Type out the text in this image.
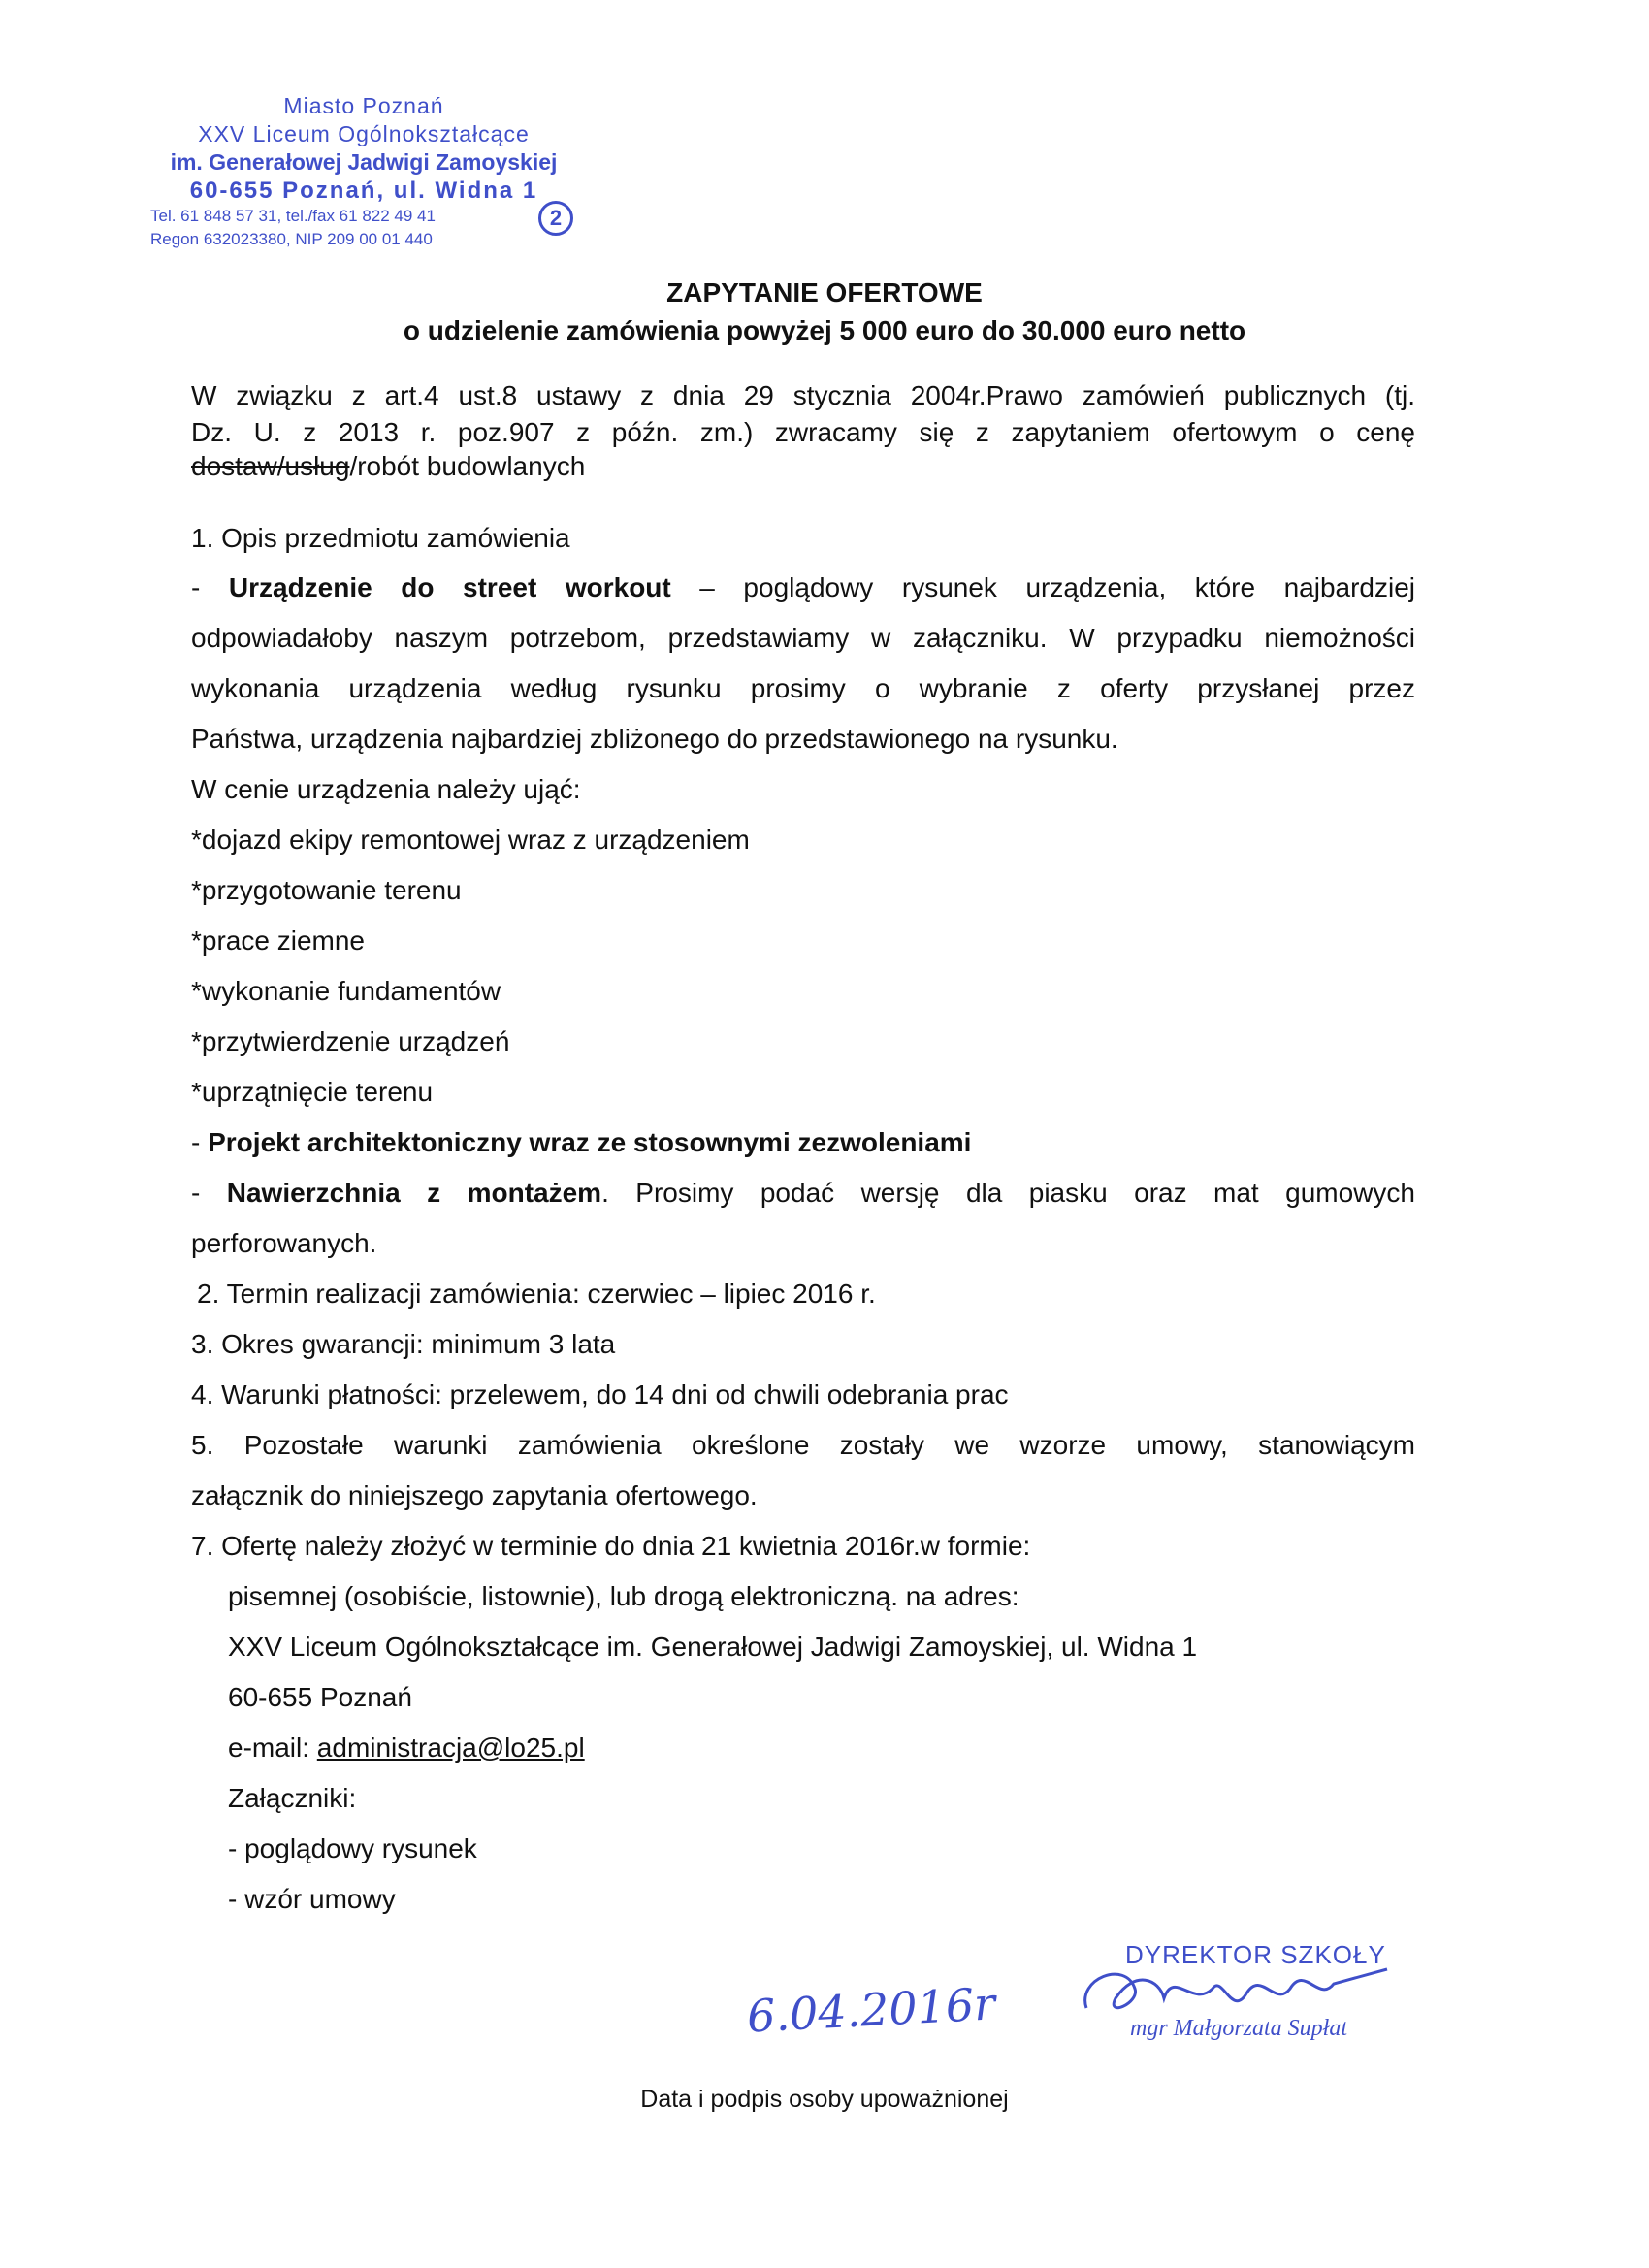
Miasto Poznań
XXV Liceum Ogólnokształcące
im. Generałowej Jadwigi Zamoyskiej
60-655 Poznań, ul. Widna 1
Tel. 61 848 57 31, tel./fax 61 822 49 41
Regon 632023380, NIP 209 00 01 440
2
ZAPYTANIE OFERTOWE
o udzielenie zamówienia powyżej 5 000 euro do 30.000 euro netto
W związku z art.4 ust.8 ustawy z dnia 29 stycznia 2004r.Prawo zamówień publicznych (tj.
Dz. U. z 2013 r. poz.907 z późn. zm.) zwracamy się z zapytaniem ofertowym o cenę
dostaw/usług/robót budowlanych
1. Opis przedmiotu zamówienia
- Urządzenie do street workout – poglądowy rysunek urządzenia, które najbardziej
odpowiadałoby naszym potrzebom, przedstawiamy w załączniku. W przypadku niemożności
wykonania urządzenia według rysunku prosimy o wybranie z oferty przysłanej przez
Państwa, urządzenia najbardziej zbliżonego do przedstawionego na rysunku.
W cenie urządzenia należy ująć:
*dojazd ekipy remontowej wraz z urządzeniem
*przygotowanie terenu
*prace ziemne
*wykonanie fundamentów
*przytwierdzenie urządzeń
*uprzątnięcie terenu
- Projekt architektoniczny wraz ze stosownymi zezwoleniami
- Nawierzchnia z montażem. Prosimy podać wersję dla piasku oraz mat gumowych
perforowanych.
2. Termin realizacji zamówienia: czerwiec – lipiec 2016 r.
3. Okres gwarancji: minimum 3 lata
4. Warunki płatności: przelewem, do 14 dni od chwili odebrania prac
5. Pozostałe warunki zamówienia określone zostały we wzorze umowy, stanowiącym
załącznik do niniejszego zapytania ofertowego.
7. Ofertę należy złożyć w terminie do dnia 21 kwietnia 2016r.w formie:
pisemnej (osobiście, listownie), lub drogą elektroniczną. na adres:
XXV Liceum Ogólnokształcące im. Generałowej Jadwigi Zamoyskiej, ul. Widna 1
60-655 Poznań
e-mail: administracja@lo25.pl
Załączniki:
- poglądowy rysunek
- wzór umowy
DYREKTOR SZKOŁY
6.04.2016r	mgr Małgorzata Supłat
Data i podpis osoby upoważnionej
